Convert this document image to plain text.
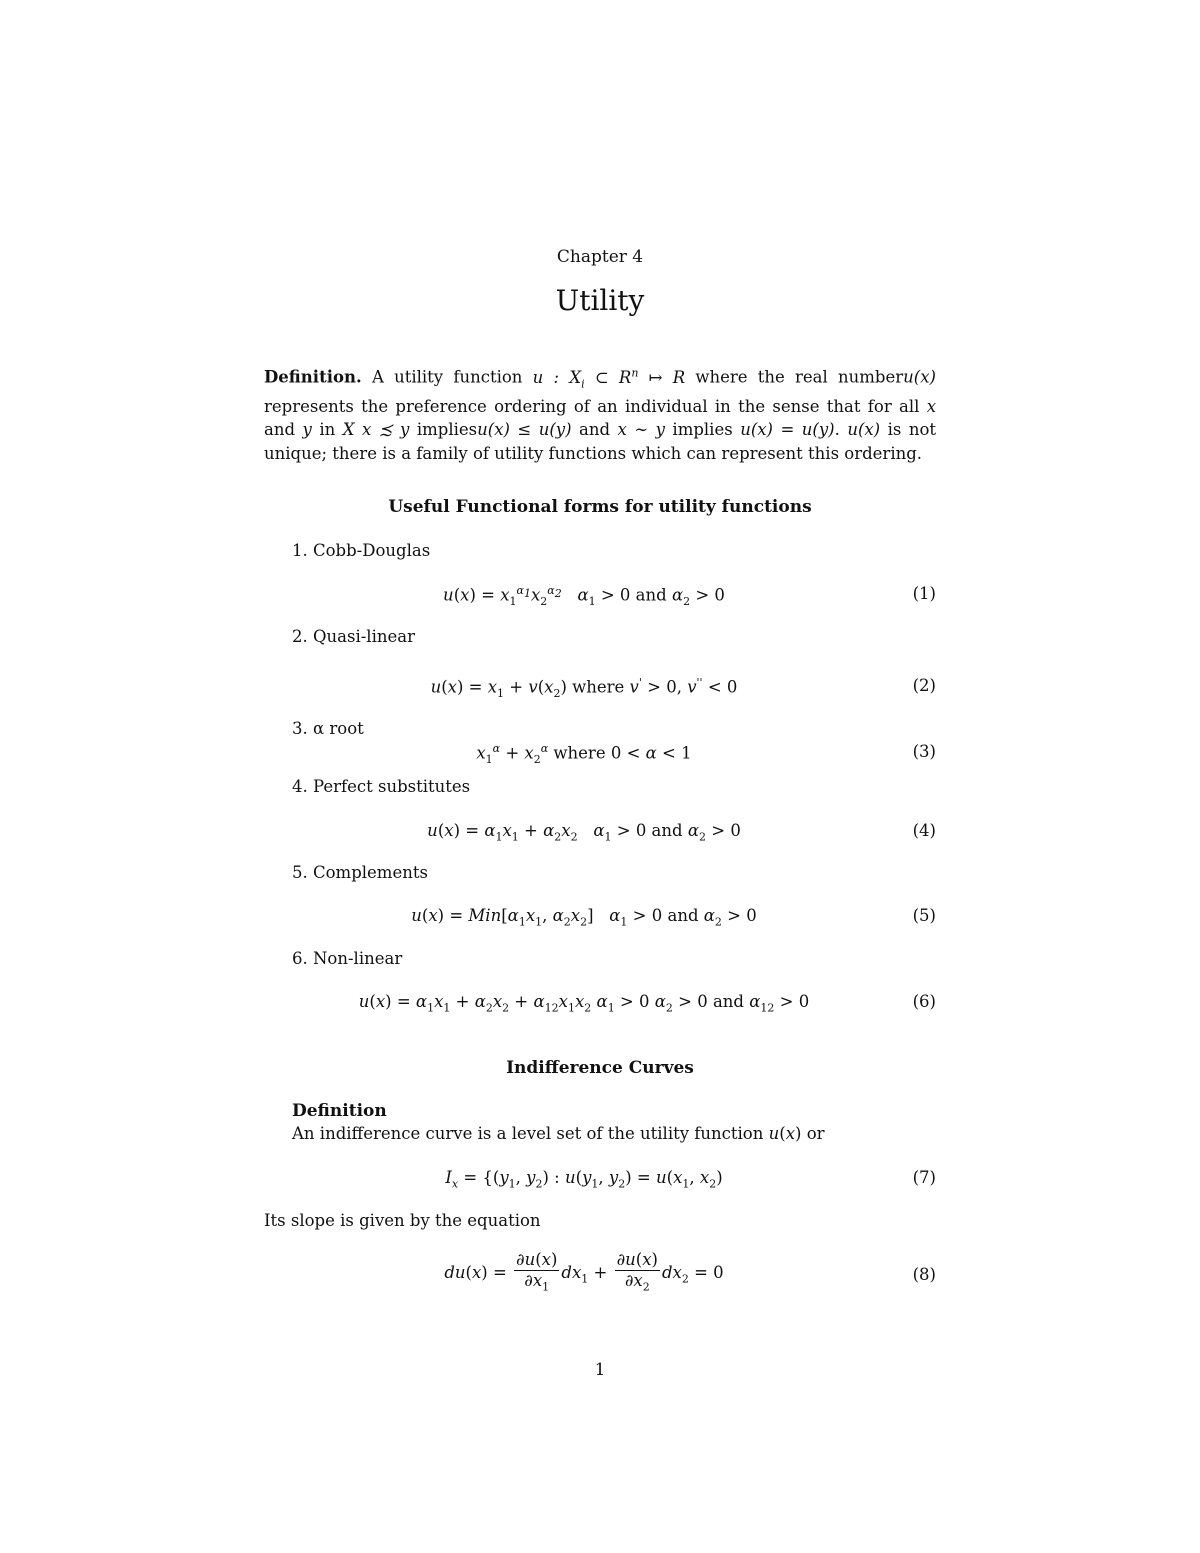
Chapter 4
Utility
Definition. A utility function u : $X_i$ ⊂ $R^n$ ↦ R where the real numberu(x) represents the preference ordering of an individual in the sense that for all x and y in X x ≾ y impliesu(x) ≤ u(y) and x ∼ y implies u(x) = u(y). u(x) is not unique; there is a family of utility functions which can represent this ordering.
Useful Functional forms for utility functions
1. Cobb-Douglas
$u(x) = x_1^{\alpha_1}x_2^{\alpha_2}$ $\alpha_1 > 0$ and $\alpha_2 > 0$	(1)
2. Quasi-linear
$u(x) = x_1 + v(x_2)$ where v' > 0, v'' < 0	(2)
3. α root
$x_1^\alpha + x_2^\alpha$ where 0 < α < 1	(3)
4. Perfect substitutes
$u(x) = \alpha_1x_1 + \alpha_2x_2$ $\alpha_1 > 0$ and $\alpha_2 > 0$	(4)
5. Complements
$u(x) = Min[\alpha_1x_1$, $\alpha_2x_2$]   $\alpha_1 > 0$ and $\alpha_2 > 0$	(5)
6. Non-linear
$u(x) = \alpha_1x_1 + \alpha_2x_2 + \alpha_{12}x_1x_2$ $\alpha_1 > 0$ $\alpha_2 > 0$ and $\alpha_{12} > 0$	(6)
Indifference Curves
Definition
An indifference curve is a level set of the utility function u(x) or
$I_x = \{(y_1$, $y_2$) : $u(y_1$, $y_2) = u(x_1$, $x_2$)	(7)
Its slope is given by the equation
$du(x) = \frac{\partial u(x)}{\partial x_1} dx_1 + \frac{\partial u(x)}{\partial x_2} dx_2 = 0$	(8)
1
